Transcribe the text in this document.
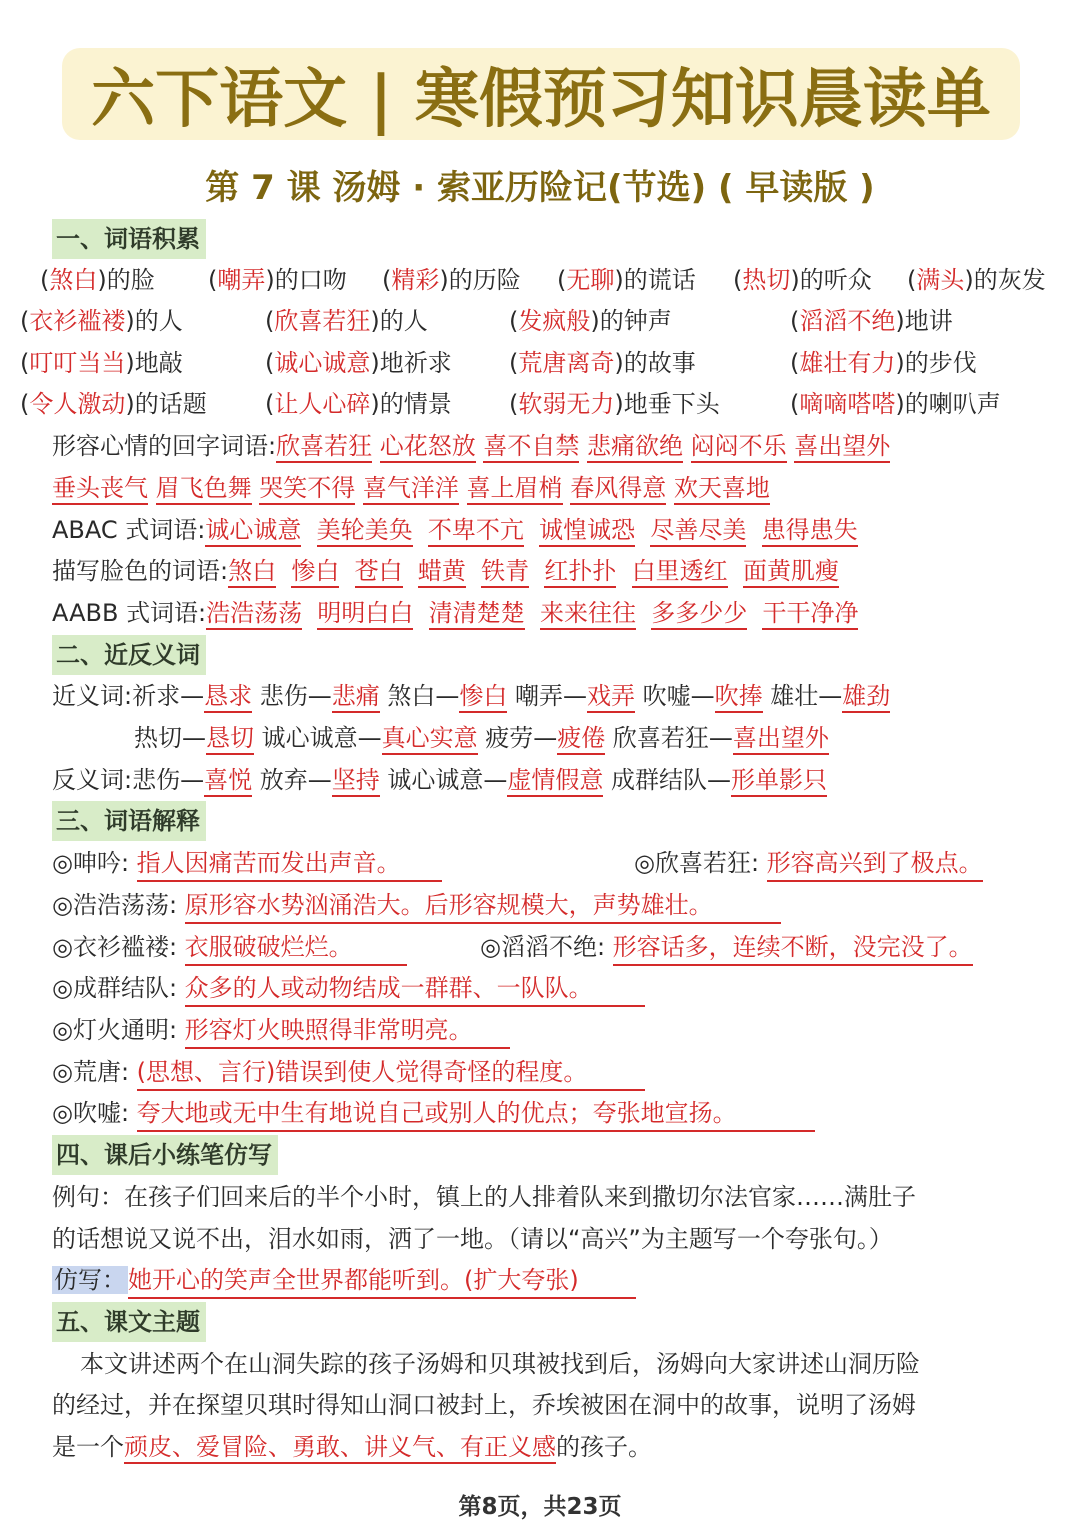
六下语文 | 寒假预习知识晨读单
第 7 课 汤姆 · 索亚历险记(节选) ( 早读版 )
一、词语积累
(煞白)的脸 (嘲弄)的口吻 (精彩)的历险 (无聊)的谎话 (热切)的听众 (满头)的灰发
(衣衫褴褛)的人	(欣喜若狂)的人	(发疯般)的钟声	(滔滔不绝)地讲
(叮叮当当)地敲	(诚心诚意)地祈求 (荒唐离奇)的故事	(雄壮有力)的步伐
(令人激动)的话题 (让人心碎)的情景 (软弱无力)地垂下头	(嘀嘀嗒嗒)的喇叭声
形容心情的回字词语:欣喜若狂 心花怒放 喜不自禁 悲痛欲绝 闷闷不乐 喜出望外
垂头丧气 眉飞色舞 哭笑不得 喜气洋洋 喜上眉梢 春风得意 欢天喜地
ABAC 式词语:诚心诚意 美轮美奂 不卑不亢 诚惶诚恐 尽善尽美 患得患失
描写脸色的词语:煞白 惨白 苍白 蜡黄 铁青 红扑扑 白里透红 面黄肌瘦
AABB 式词语:浩浩荡荡 明明白白 清清楚楚 来来往往 多多少少 干干净净
二、近反义词
近义词:祈求—恳求 悲伤—悲痛 煞白—惨白 嘲弄—戏弄 吹嘘—吹捧 雄壮—雄劲
热切—恳切 诚心诚意—真心实意 疲劳—疲倦 欣喜若狂—喜出望外
反义词:悲伤—喜悦 放弃—坚持 诚心诚意—虚情假意 成群结队—形单影只
三、词语解释
◎呻吟: 指人因痛苦而发出声音。	◎欣喜若狂: 形容高兴到了极点。
◎浩浩荡荡: 原形容水势汹涌浩大。后形容规模大，声势雄壮。
◎衣衫褴褛: 衣服破破烂烂。	◎滔滔不绝: 形容话多，连续不断，没完没了。
◎成群结队: 众多的人或动物结成一群群、一队队。
◎灯火通明: 形容灯火映照得非常明亮。
◎荒唐: (思想、言行)错误到使人觉得奇怪的程度。
◎吹嘘: 夸大地或无中生有地说自己或别人的优点；夸张地宣扬。
四、课后小练笔仿写
例句：在孩子们回来后的半个小时，镇上的人排着队来到撒切尔法官家……满肚子
的话想说又说不出，泪水如雨，洒了一地。（请以“高兴”为主题写一个夸张句。）
仿写：她开心的笑声全世界都能听到。(扩大夸张)
五、课文主题
本文讲述两个在山洞失踪的孩子汤姆和贝琪被找到后，汤姆向大家讲述山洞历险
的经过，并在探望贝琪时得知山洞口被封上，乔埃被困在洞中的故事，说明了汤姆
是一个顽皮、爱冒险、勇敢、讲义气、有正义感的孩子。
第8页，共23页
